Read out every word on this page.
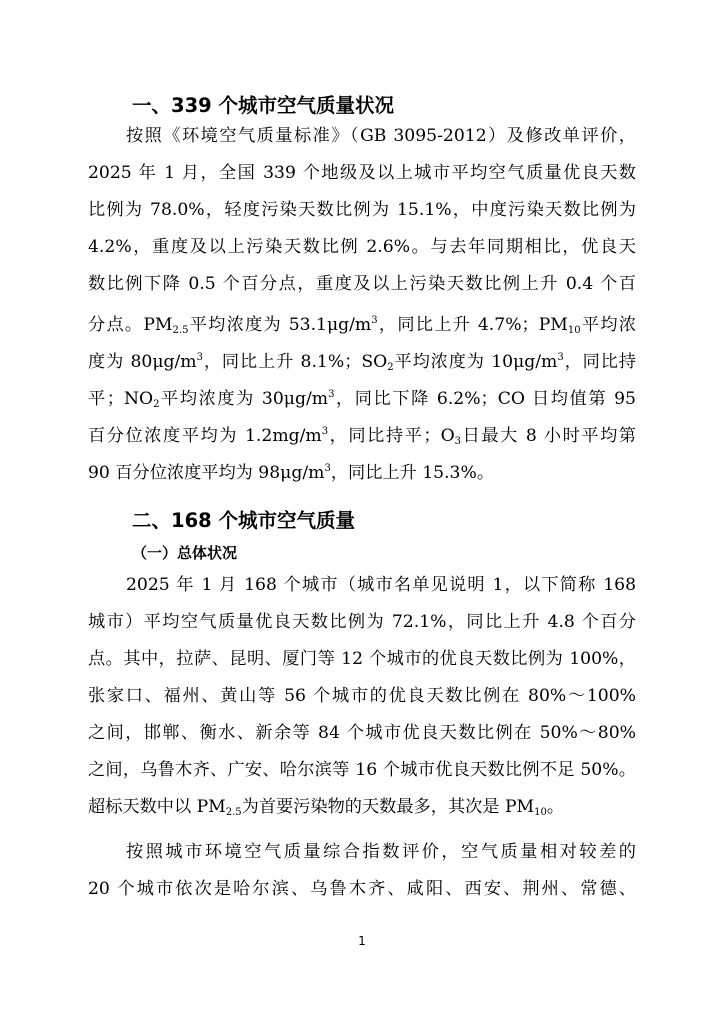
一、339 个城市空气质量状况
按照《环境空气质量标准》（GB 3095-2012）及修改单评价，
2025 年 1 月，全国 339 个地级及以上城市平均空气质量优良天数
比例为 78.0%，轻度污染天数比例为 15.1%，中度污染天数比例为
4.2%，重度及以上污染天数比例 2.6%。与去年同期相比，优良天
数比例下降 0.5 个百分点，重度及以上污染天数比例上升 0.4 个百
分点。$PM_{2.5}$平均浓度为 $53.1\mu g/m^3$，同比上升 4.7%；$PM_{10}$平均浓
度为 $80\mu g/m^3$，同比上升 8.1%；$SO_2$平均浓度为 $10\mu g/m^3$，同比持
平；$NO_2$平均浓度为 $30\mu g/m^3$，同比下降 6.2%；CO 日均值第 95
百分位浓度平均为 $1.2mg/m^3$，同比持平；$O_3$日最大 8 小时平均第
90 百分位浓度平均为 $98\mu g/m^3$，同比上升 15.3%。
二、168 个城市空气质量
（一）总体状况
2025 年 1 月 168 个城市（城市名单见说明 1，以下简称 168
城市）平均空气质量优良天数比例为 72.1%，同比上升 4.8 个百分
点。其中，拉萨、昆明、厦门等 12 个城市的优良天数比例为 100%，
张家口、福州、黄山等 56 个城市的优良天数比例在 80%～100%
之间，邯郸、衡水、新余等 84 个城市优良天数比例在 50%～80%
之间，乌鲁木齐、广安、哈尔滨等 16 个城市优良天数比例不足 50%。
超标天数中以 $PM_{2.5}$为首要污染物的天数最多，其次是 $PM_{10}$。
按照城市环境空气质量综合指数评价，空气质量相对较差的
20 个城市依次是哈尔滨、乌鲁木齐、咸阳、西安、荆州、常德、
1
